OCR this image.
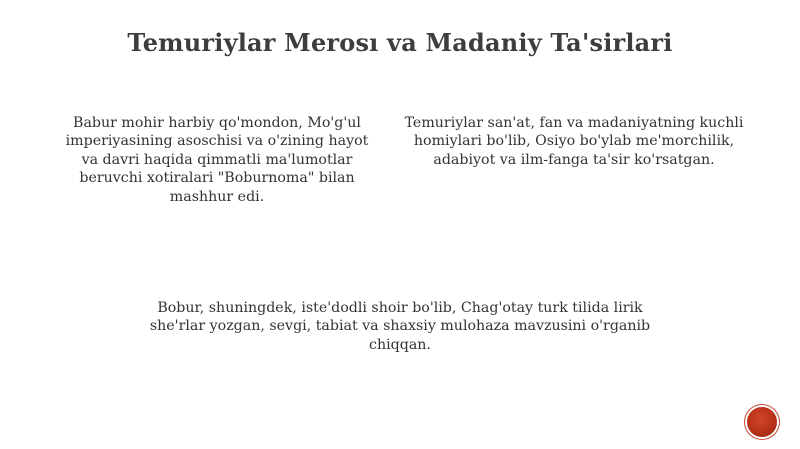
Temuriylar Merosı va Madaniy Ta'sirlari

Babur mohir harbiy qo'mondon, Mo'g'ul imperiyasining asoschisi va o'zining hayot va davri haqida qimmatli ma'lumotlar beruvchi xotiralari "Boburnoma" bilan mashhur edi.

Temuriylar san'at, fan va madaniyatning kuchli homiylari bo'lib, Osiyo bo'ylab me'morchilik, adabiyot va ilm-fanga ta'sir ko'rsatgan.

Bobur, shuningdek, iste'dodli shoir bo'lib, Chag'otay turk tilida lirik she'rlar yozgan, sevgi, tabiat va shaxsiy mulohaza mavzusini o'rganib chiqqan.
